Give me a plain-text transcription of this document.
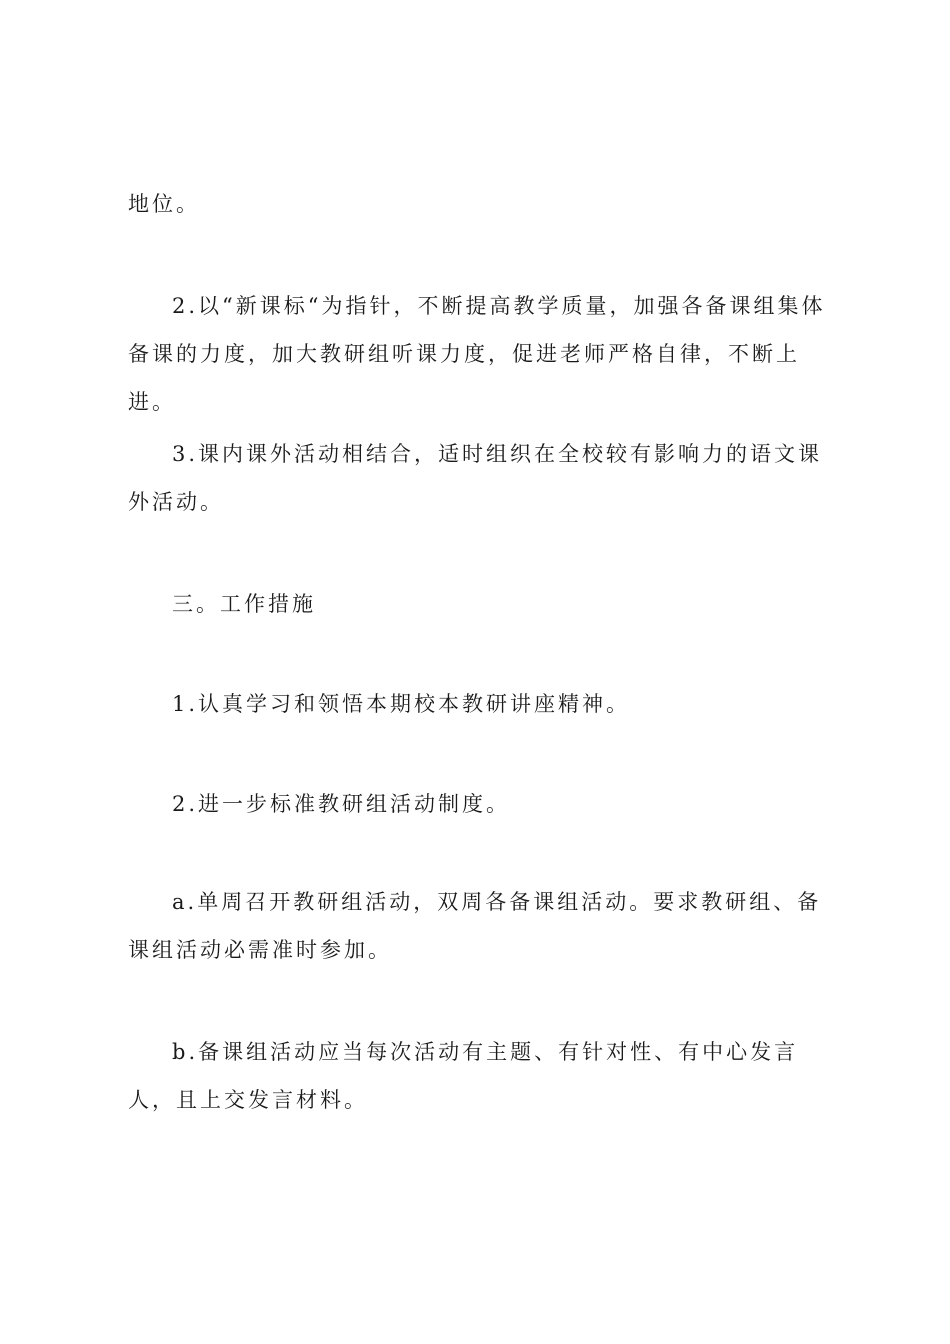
地位。

2.以“新课标“为指针，不断提高教学质量，加强各备课组集体备课的力度，加大教研组听课力度，促进老师严格自律，不断上进。

3.课内课外活动相结合，适时组织在全校较有影响力的语文课外活动。

三。工作措施

1.认真学习和领悟本期校本教研讲座精神。

2.进一步标准教研组活动制度。

a.单周召开教研组活动，双周各备课组活动。要求教研组、备课组活动必需准时参加。

b.备课组活动应当每次活动有主题、有针对性、有中心发言人，且上交发言材料。
